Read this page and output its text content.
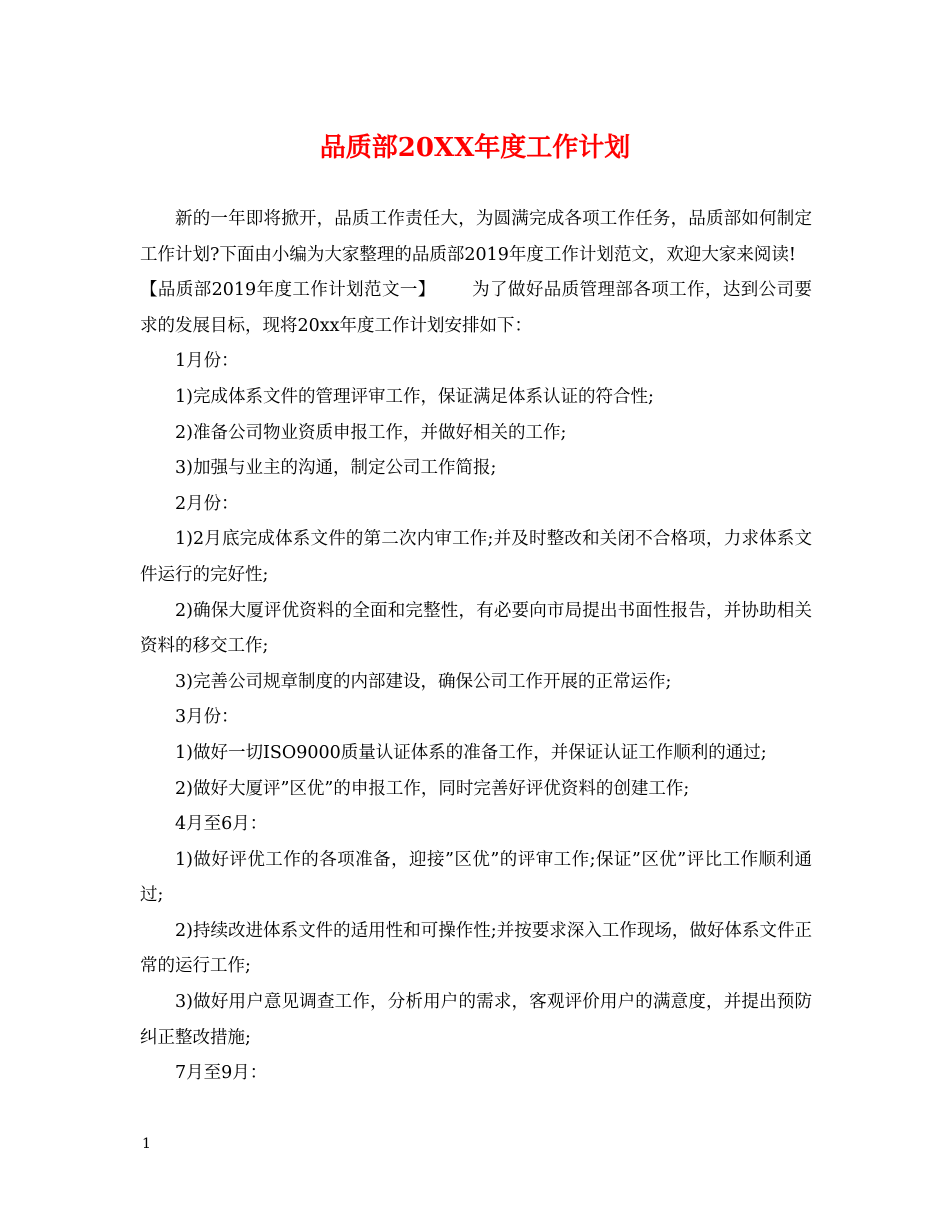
品质部20XX年度工作计划

新的一年即将掀开，品质工作责任大，为圆满完成各项工作任务，品质部如何制定工作计划?下面由小编为大家整理的品质部2019年度工作计划范文，欢迎大家来阅读!

【品质部2019年度工作计划范文一】 为了做好品质管理部各项工作，达到公司要求的发展目标，现将20xx年度工作计划安排如下：

1月份：

1)完成体系文件的管理评审工作，保证满足体系认证的符合性;

2)准备公司物业资质申报工作，并做好相关的工作;

3)加强与业主的沟通，制定公司工作简报;

2月份：

1)2月底完成体系文件的第二次内审工作;并及时整改和关闭不合格项，力求体系文件运行的完好性;

2)确保大厦评优资料的全面和完整性，有必要向市局提出书面性报告，并协助相关资料的移交工作;

3)完善公司规章制度的内部建设，确保公司工作开展的正常运作;

3月份：

1)做好一切ISO9000质量认证体系的准备工作，并保证认证工作顺利的通过;

2)做好大厦评”区优”的申报工作，同时完善好评优资料的创建工作;

4月至6月：

1)做好评优工作的各项准备，迎接”区优”的评审工作;保证”区优”评比工作顺利通过;

2)持续改进体系文件的适用性和可操作性;并按要求深入工作现场，做好体系文件正常的运行工作;

3)做好用户意见调查工作，分析用户的需求，客观评价用户的满意度，并提出预防纠正整改措施;

7月至9月：

1
